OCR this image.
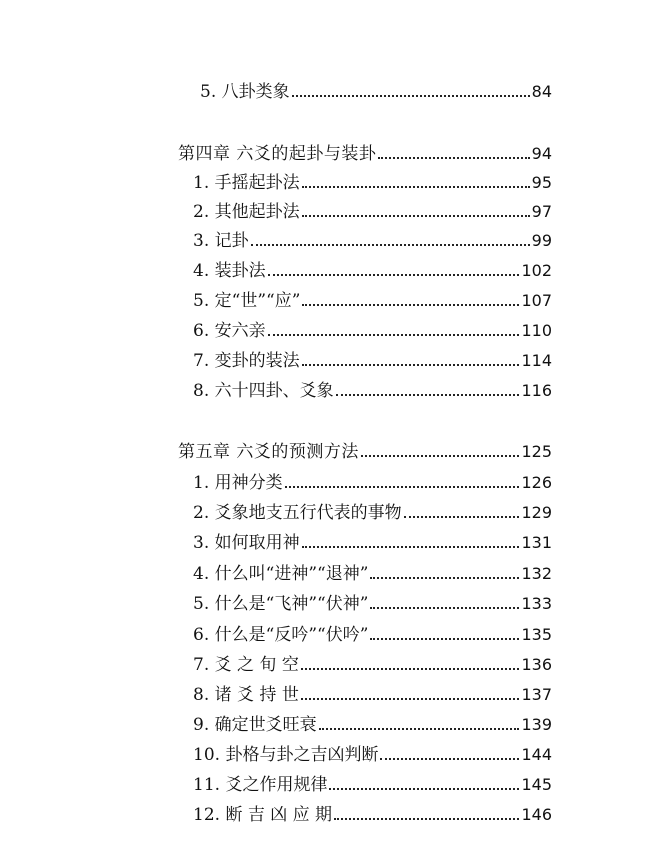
5. 八卦类象	84
第四章 六爻的起卦与装卦	94
1. 手摇起卦法	95
2. 其他起卦法	97
3. 记卦	99
4. 装卦法	102
5. 定“世”“应”	107
6. 安六亲	110
7. 变卦的装法	114
8. 六十四卦、爻象	116
第五章 六爻的预测方法	125
1. 用神分类	126
2. 爻象地支五行代表的事物	129
3. 如何取用神	131
4. 什么叫“进神”“退神”	132
5. 什么是“飞神”“伏神”	133
6. 什么是“反吟”“伏吟”	135
7. 爻 之 旬 空	136
8. 诸 爻 持 世	137
9. 确定世爻旺衰	139
10. 卦格与卦之吉凶判断	144
11. 爻之作用规律	145
12. 断 吉 凶 应 期	146
